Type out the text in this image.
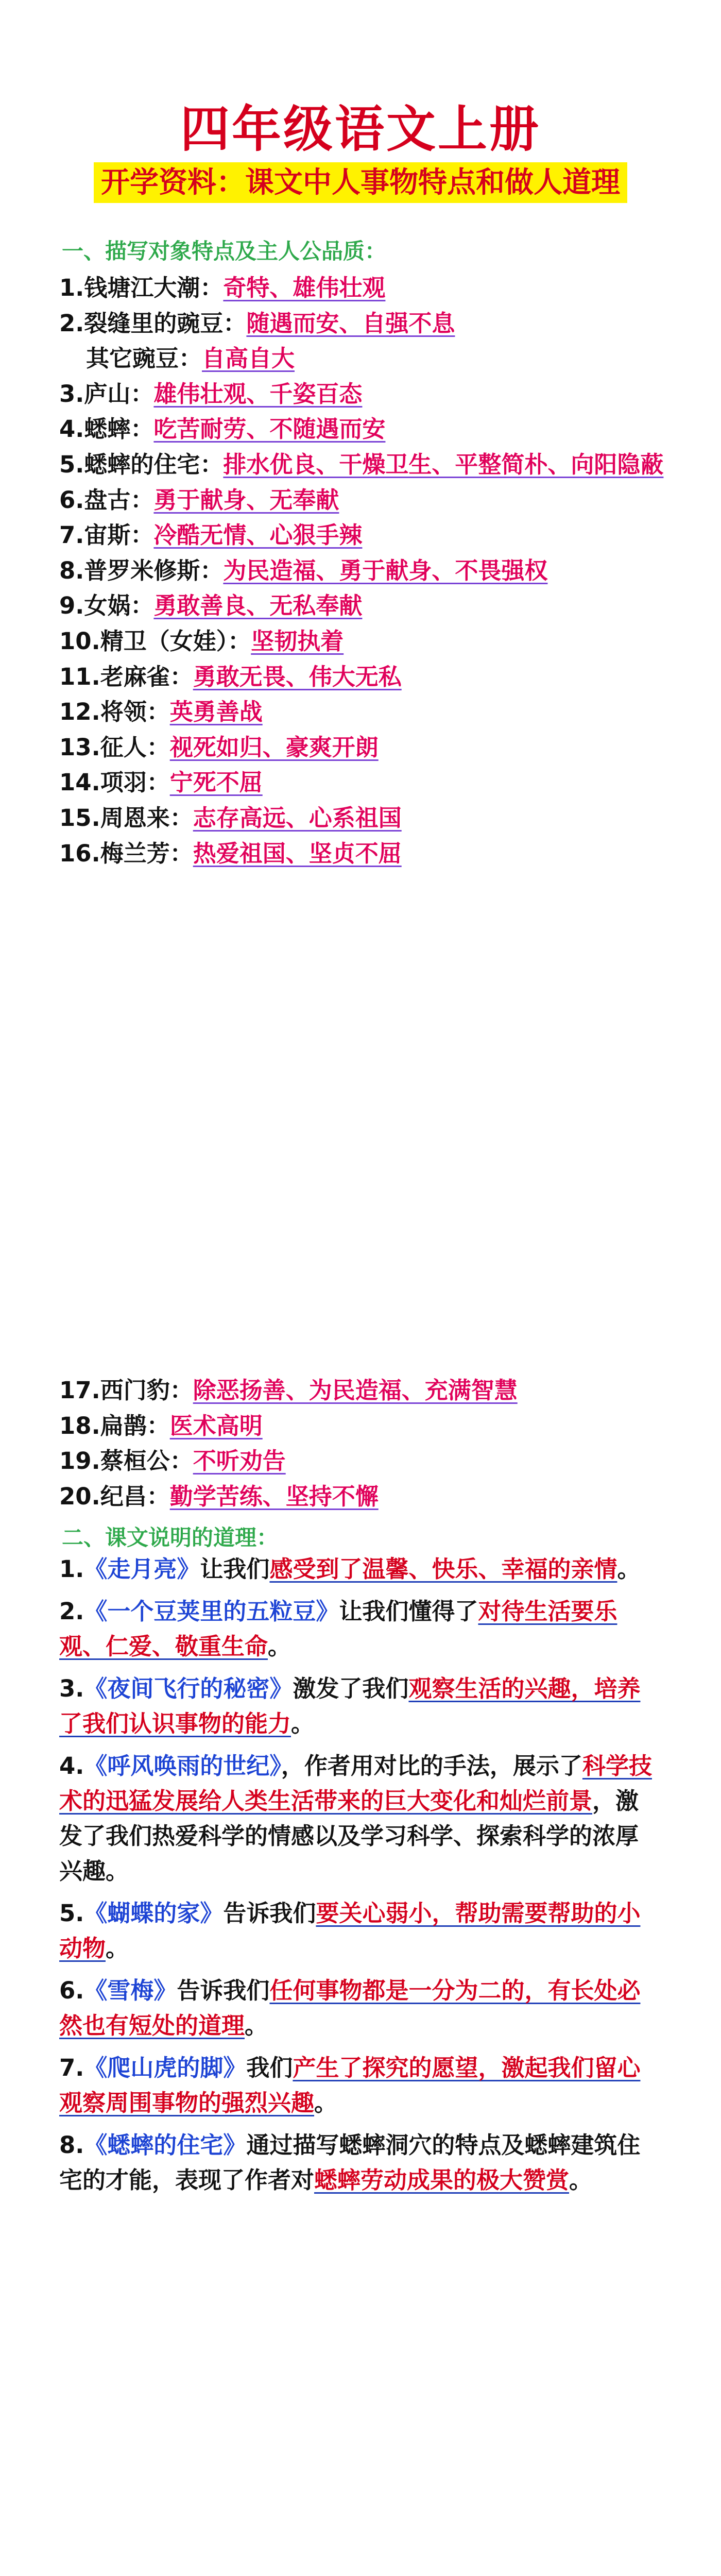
四年级语文上册
开学资料：课文中人事物特点和做人道理
一、描写对象特点及主人公品质：
1.钱塘江大潮：奇特、雄伟壮观
2.裂缝里的豌豆：随遇而安、自强不息
其它豌豆：自高自大
3.庐山：雄伟壮观、千姿百态
4.蟋蟀：吃苦耐劳、不随遇而安
5.蟋蟀的住宅：排水优良、干燥卫生、平整简朴、向阳隐蔽
6.盘古：勇于献身、无奉献
7.宙斯：冷酷无情、心狠手辣
8.普罗米修斯：为民造福、勇于献身、不畏强权
9.女娲：勇敢善良、无私奉献
10.精卫（女娃）：坚韧执着
11.老麻雀：勇敢无畏、伟大无私
12.将领：英勇善战
13.征人：视死如归、豪爽开朗
14.项羽：宁死不屈
15.周恩来：志存高远、心系祖国
16.梅兰芳：热爱祖国、坚贞不屈
17.西门豹：除恶扬善、为民造福、充满智慧
18.扁鹊：医术高明
19.蔡桓公：不听劝告
20.纪昌：勤学苦练、坚持不懈
二、课文说明的道理：
1.《走月亮》让我们感受到了温馨、快乐、幸福的亲情。
2.《一个豆荚里的五粒豆》让我们懂得了对待生活要乐观、仁爱、敬重生命。
3.《夜间飞行的秘密》激发了我们观察生活的兴趣，培养了我们认识事物的能力。
4.《呼风唤雨的世纪》，作者用对比的手法，展示了科学技术的迅猛发展给人类生活带来的巨大变化和灿烂前景，激发了我们热爱科学的情感以及学习科学、探索科学的浓厚兴趣。
5.《蝴蝶的家》告诉我们要关心弱小，帮助需要帮助的小动物。
6.《雪梅》告诉我们任何事物都是一分为二的，有长处必然也有短处的道理。
7.《爬山虎的脚》我们产生了探究的愿望，激起我们留心观察周围事物的强烈兴趣。
8.《蟋蟀的住宅》通过描写蟋蟀洞穴的特点及蟋蟀建筑住宅的才能，表现了作者对蟋蟀劳动成果的极大赞赏。
